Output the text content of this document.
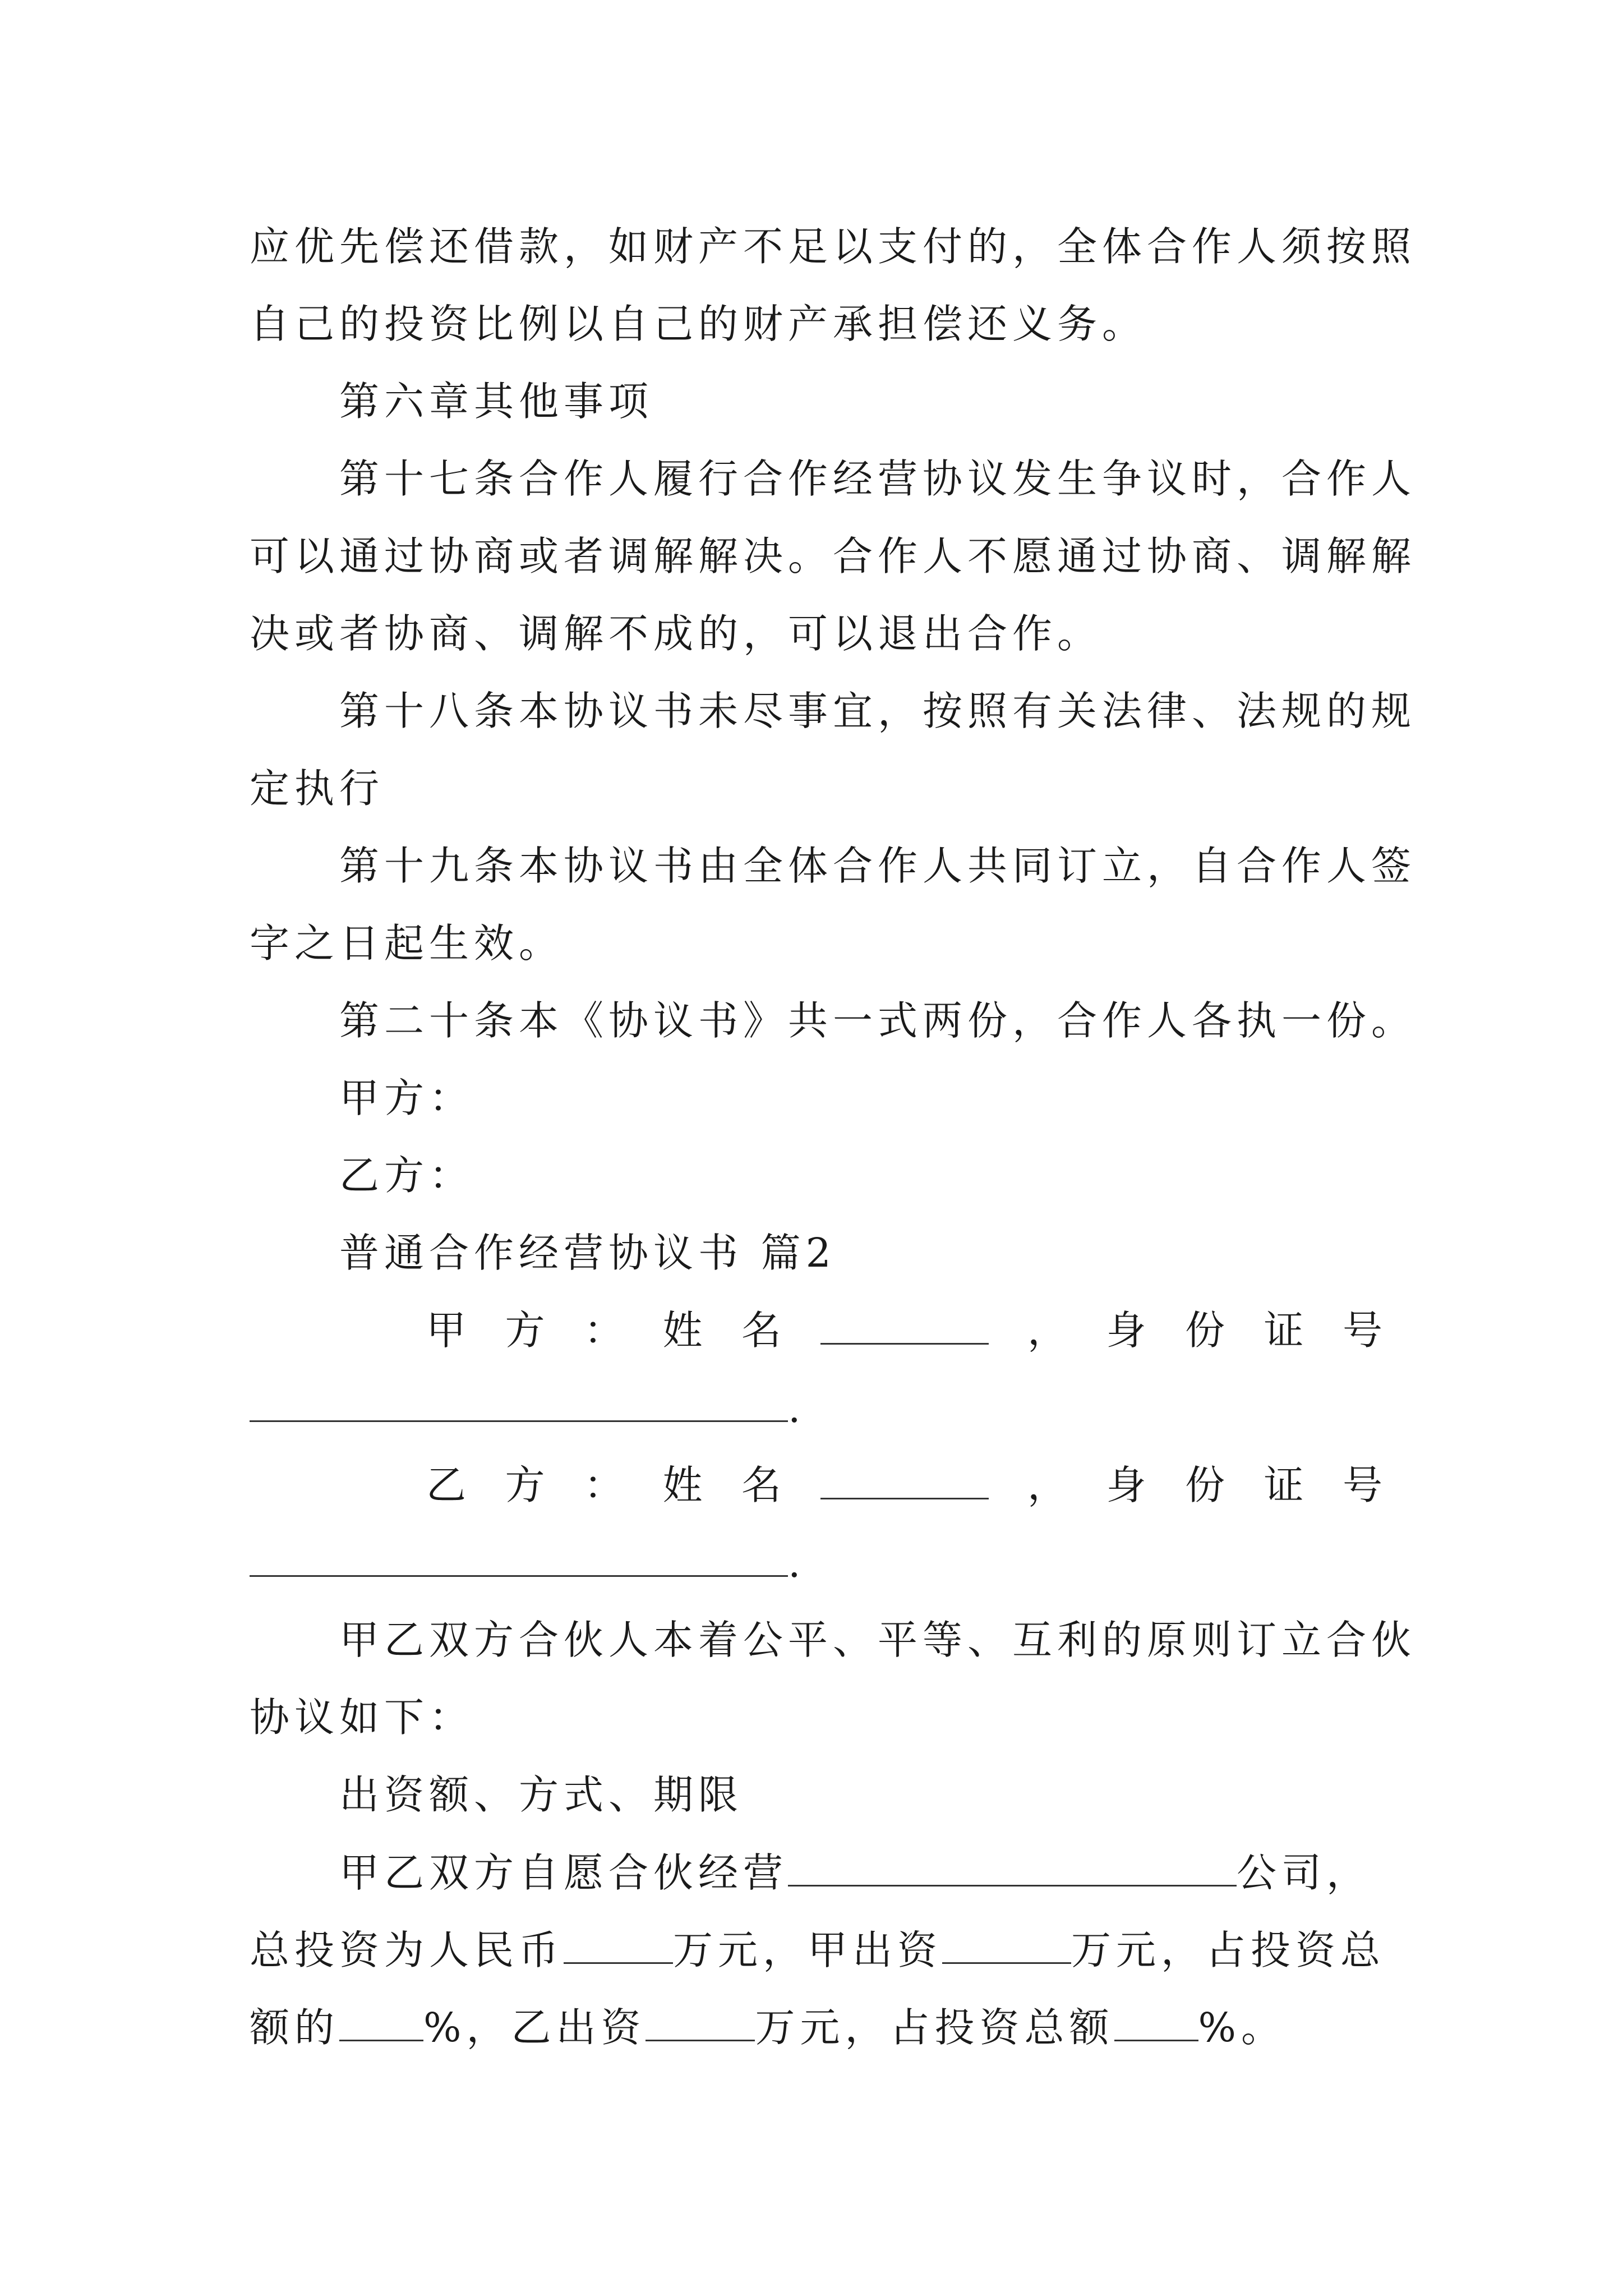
应优先偿还借款，如财产不足以支付的，全体合作人须按照
自己的投资比例以自己的财产承担偿还义务。
第六章其他事项
第十七条合作人履行合作经营协议发生争议时，合作人
可以通过协商或者调解解决。合作人不愿通过协商、调解解
决或者协商、调解不成的，可以退出合作。
第十八条本协议书未尽事宜，按照有关法律、法规的规
定执行
第十九条本协议书由全体合作人共同订立，自合作人签
字之日起生效。
第二十条本《协议书》共一式两份，合作人各执一份。
甲方：
乙方：
普通合作经营协议书 篇2
甲 方 ： 姓 名	， 身 份 证 号
.
乙 方 ： 姓 名	， 身 份 证 号
.
甲乙双方合伙人本着公平、平等、互利的原则订立合伙
协议如下：
出资额、方式、期限
甲乙双方自愿合伙经营	公司，
总投资为人民币	万元，甲出资	万元，占投资总
额的 %，乙出资	万元，占投资总额 %。
